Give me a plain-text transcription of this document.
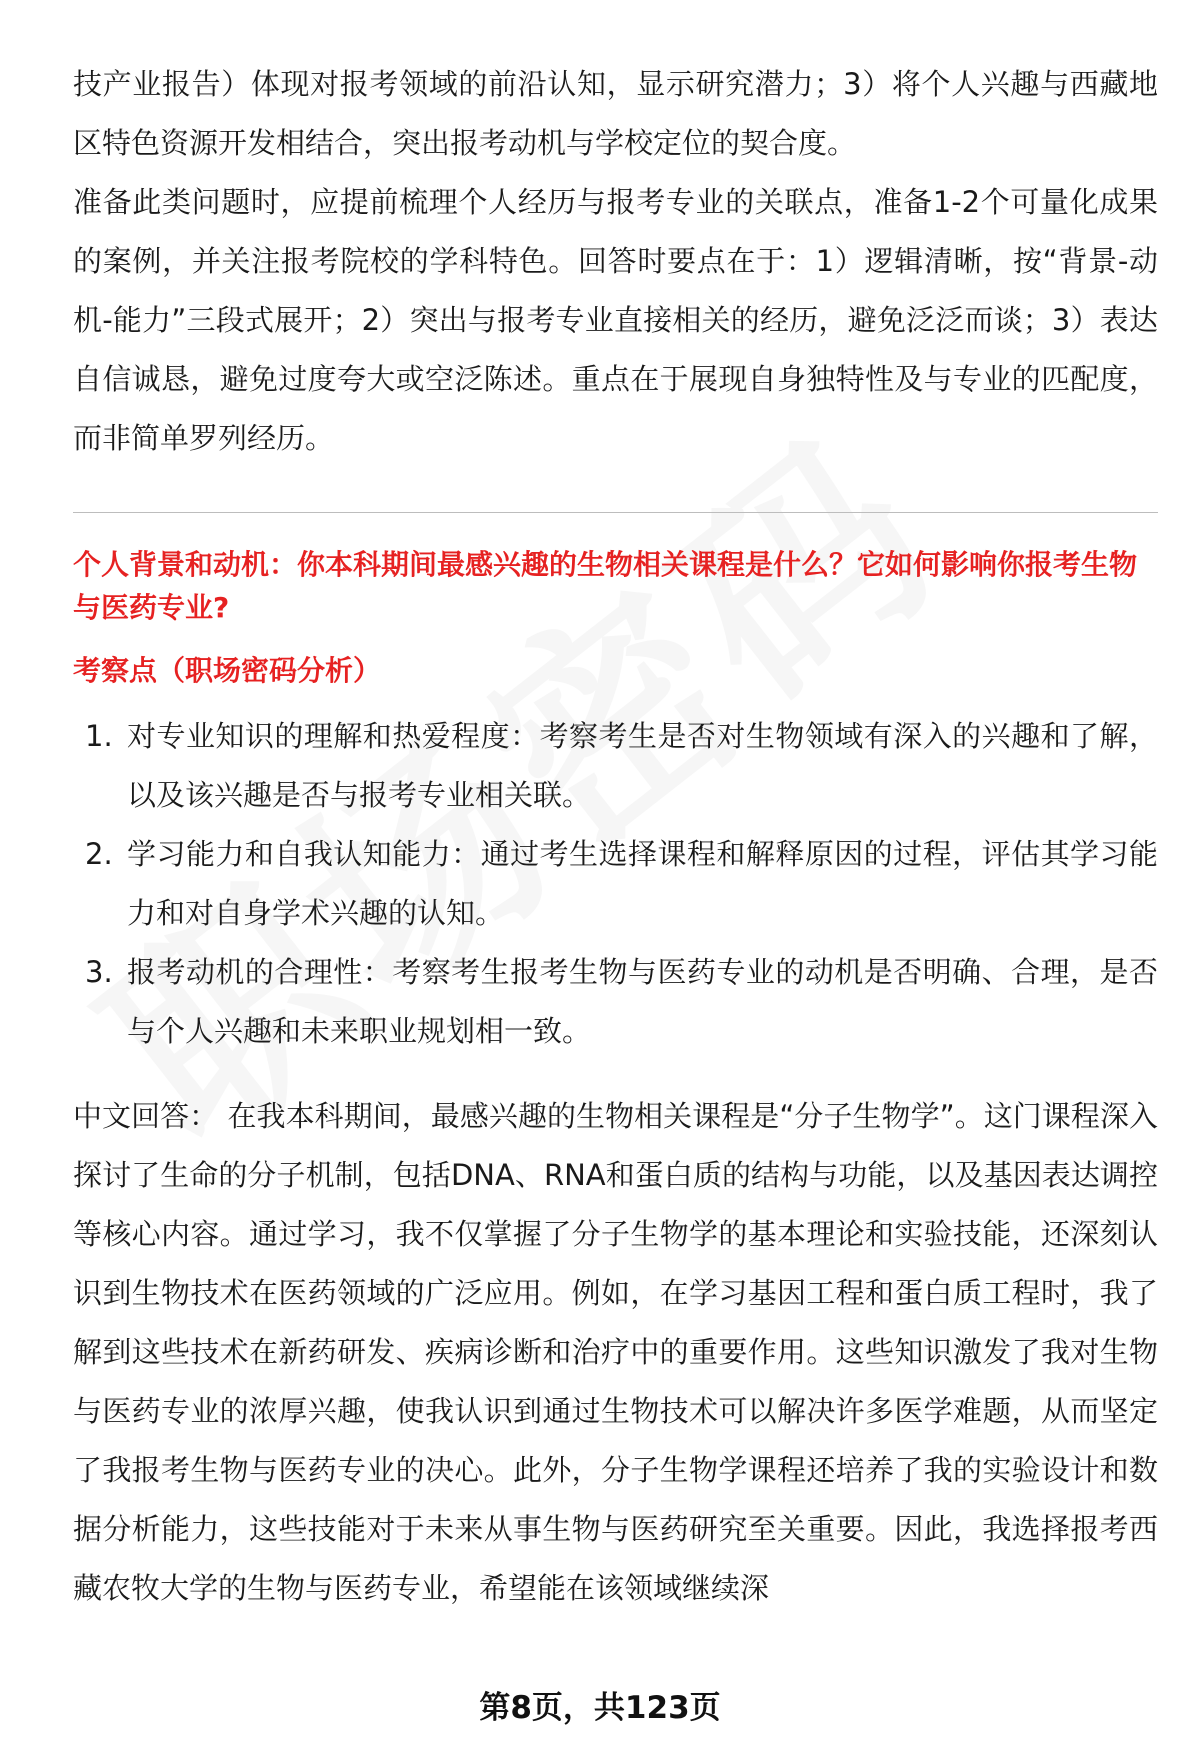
技产业报告）体现对报考领域的前沿认知，显示研究潜力；3）将个人兴趣与西藏地区特色资源开发相结合，突出报考动机与学校定位的契合度。

准备此类问题时，应提前梳理个人经历与报考专业的关联点，准备1-2个可量化成果的案例，并关注报考院校的学科特色。回答时要点在于：1）逻辑清晰，按“背景-动机-能力”三段式展开；2）突出与报考专业直接相关的经历，避免泛泛而谈；3）表达自信诚恳，避免过度夸大或空泛陈述。重点在于展现自身独特性及与专业的匹配度，而非简单罗列经历。

个人背景和动机：你本科期间最感兴趣的生物相关课程是什么？它如何影响你报考生物与医药专业?
考察点（职场密码分析）
1. 对专业知识的理解和热爱程度：考察考生是否对生物领域有深入的兴趣和了解，以及该兴趣是否与报考专业相关联。
2. 学习能力和自我认知能力：通过考生选择课程和解释原因的过程，评估其学习能力和对自身学术兴趣的认知。
3. 报考动机的合理性：考察考生报考生物与医药专业的动机是否明确、合理，是否与个人兴趣和未来职业规划相一致。

中文回答： 在我本科期间，最感兴趣的生物相关课程是“分子生物学”。这门课程深入探讨了生命的分子机制，包括DNA、RNA和蛋白质的结构与功能，以及基因表达调控等核心内容。通过学习，我不仅掌握了分子生物学的基本理论和实验技能，还深刻认识到生物技术在医药领域的广泛应用。例如，在学习基因工程和蛋白质工程时，我了解到这些技术在新药研发、疾病诊断和治疗中的重要作用。这些知识激发了我对生物与医药专业的浓厚兴趣，使我认识到通过生物技术可以解决许多医学难题，从而坚定了我报考生物与医药专业的决心。此外，分子生物学课程还培养了我的实验设计和数据分析能力，这些技能对于未来从事生物与医药研究至关重要。因此，我选择报考西藏农牧大学的生物与医药专业，希望能在该领域继续深

第8页，共123页
